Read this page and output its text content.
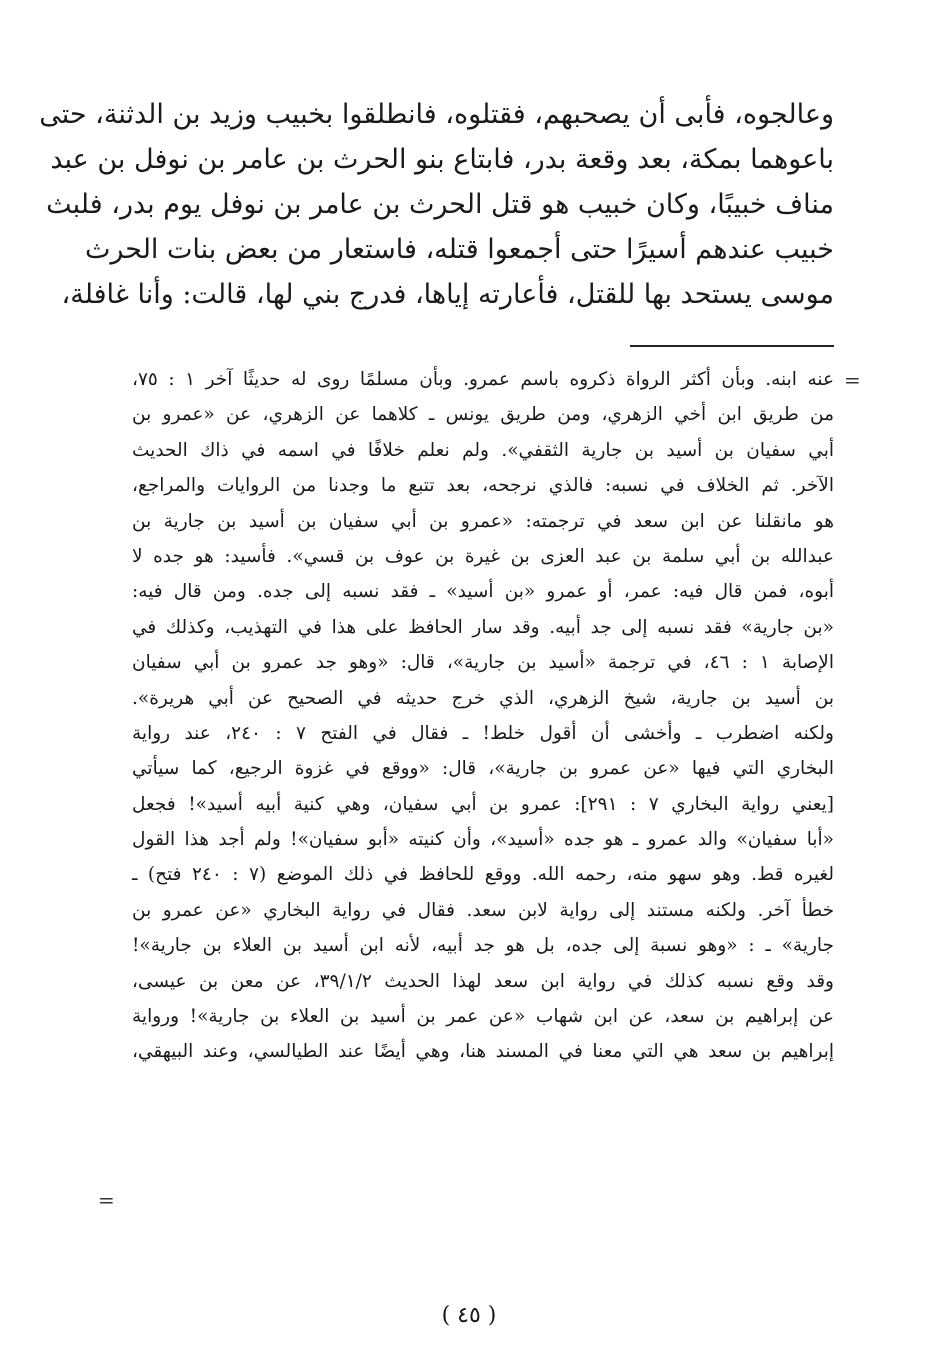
وعالجوه، فأبى أن يصحبهم، فقتلوه، فانطلقوا بخبيب وزيد بن الدثنة، حتى
باعوهما بمكة، بعد وقعة بدر، فابتاع بنو الحرث بن عامر بن نوفل بن عبد
مناف خبيبًا، وكان خبيب هو قتل الحرث بن عامر بن نوفل يوم بدر، فلبث
خبيب عندهم أسيرًا حتى أجمعوا قتله، فاستعار من بعض بنات الحرث
موسى يستحد بها للقتل، فأعارته إياها، فدرج بني لها، قالت: وأنا غافلة،
=
عنه ابنه. وبأن أكثر الرواة ذكروه باسم عمرو. وبأن مسلمًا روى له حديثًا آخر ١ : ٧٥،
من طريق ابن أخي الزهري، ومن طريق يونس ـ كلاهما عن الزهري، عن «عمرو بن
أبي سفيان بن أسيد بن جارية الثقفي». ولم نعلم خلافًا في اسمه في ذاك الحديث
الآخر. ثم الخلاف في نسبه: فالذي نرجحه، بعد تتبع ما وجدنا من الروايات والمراجع،
هو مانقلنا عن ابن سعد في ترجمته: «عمرو بن أبي سفيان بن أسيد بن جارية بن
عبدالله بن أبي سلمة بن عبد العزى بن غيرة بن عوف بن قسي». فأسيد: هو جده لا
أبوه، فمن قال فيه: عمر، أو عمرو «بن أسيد» ـ فقد نسبه إلى جده. ومن قال فيه:
«بن جارية» فقد نسبه إلى جد أبيه. وقد سار الحافظ على هذا في التهذيب، وكذلك في
الإصابة ١ : ٤٦، في ترجمة «أسيد بن جارية»، قال: «وهو جد عمرو بن أبي سفيان
بن أسيد بن جارية، شيخ الزهري، الذي خرج حديثه في الصحيح عن أبي هريرة».
ولكنه اضطرب ـ وأخشى أن أقول خلط! ـ فقال في الفتح ٧ : ٢٤٠، عند رواية
البخاري التي فيها «عن عمرو بن جارية»، قال: «ووقع في غزوة الرجيع، كما سيأتي
[يعني رواية البخاري ٧ : ٢٩١]: عمرو بن أبي سفيان، وهي كنية أبيه أسيد»! فجعل
«أبا سفيان» والد عمرو ـ هو جده «أسيد»، وأن كنيته «أبو سفيان»! ولم أجد هذا القول
لغيره قط. وهو سهو منه، رحمه الله. ووقع للحافظ في ذلك الموضع (٧ : ٢٤٠ فتح) ـ
خطأ آخر. ولكنه مستند إلى رواية لابن سعد. فقال في رواية البخاري «عن عمرو بن
جارية» ـ : «وهو نسبة إلى جده، بل هو جد أبيه، لأنه ابن أسيد بن العلاء بن جارية»!
وقد وقع نسبه كذلك في رواية ابن سعد لهذا الحديث ٣٩/١/٢، عن معن بن عيسى،
عن إبراهيم بن سعد، عن ابن شهاب «عن عمر بن أسيد بن العلاء بن جارية»! ورواية
إبراهيم بن سعد هي التي معنا في المسند هنا، وهي أيضًا عند الطيالسي، وعند البيهقي،
=
( ٤٥ )
